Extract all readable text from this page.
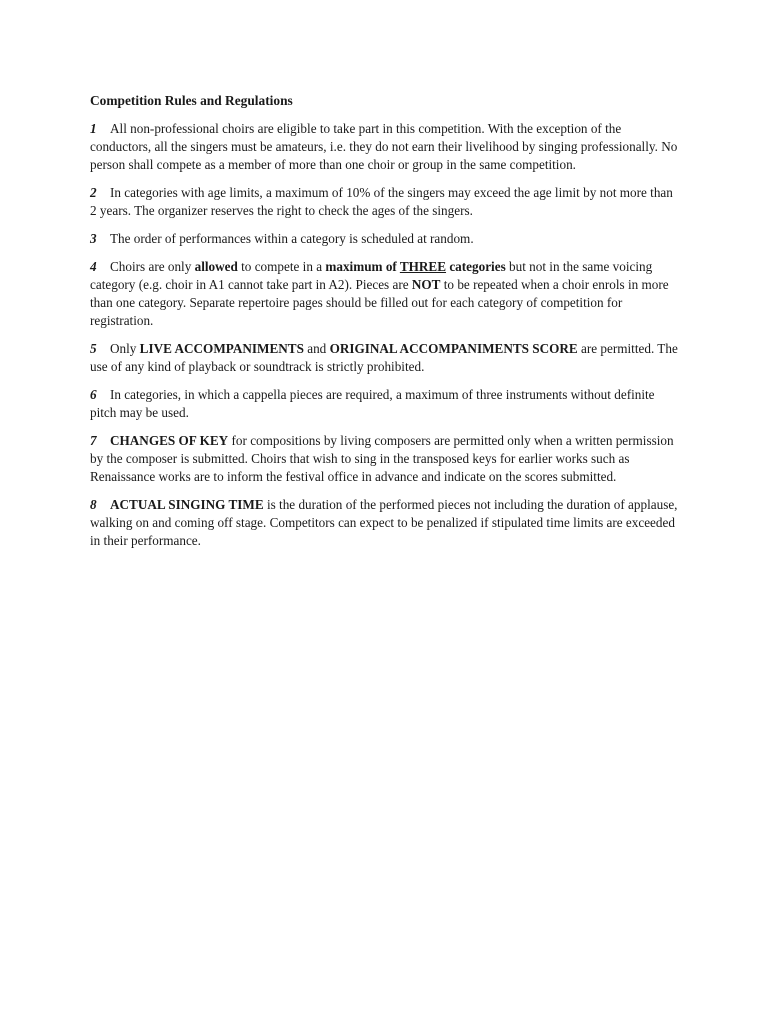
Competition Rules and Regulations
1 All non-professional choirs are eligible to take part in this competition. With the exception of the conductors, all the singers must be amateurs, i.e. they do not earn their livelihood by singing professionally. No person shall compete as a member of more than one choir or group in the same competition.
2 In categories with age limits, a maximum of 10% of the singers may exceed the age limit by not more than 2 years. The organizer reserves the right to check the ages of the singers.
3 The order of performances within a category is scheduled at random.
4 Choirs are only allowed to compete in a maximum of THREE categories but not in the same voicing category (e.g. choir in A1 cannot take part in A2). Pieces are NOT to be repeated when a choir enrols in more than one category. Separate repertoire pages should be filled out for each category of competition for registration.
5 Only LIVE ACCOMPANIMENTS and ORIGINAL ACCOMPANIMENTS SCORE are permitted. The use of any kind of playback or soundtrack is strictly prohibited.
6 In categories, in which a cappella pieces are required, a maximum of three instruments without definite pitch may be used.
7 CHANGES OF KEY for compositions by living composers are permitted only when a written permission by the composer is submitted. Choirs that wish to sing in the transposed keys for earlier works such as Renaissance works are to inform the festival office in advance and indicate on the scores submitted.
8 ACTUAL SINGING TIME is the duration of the performed pieces not including the duration of applause, walking on and coming off stage. Competitors can expect to be penalized if stipulated time limits are exceeded in their performance.
